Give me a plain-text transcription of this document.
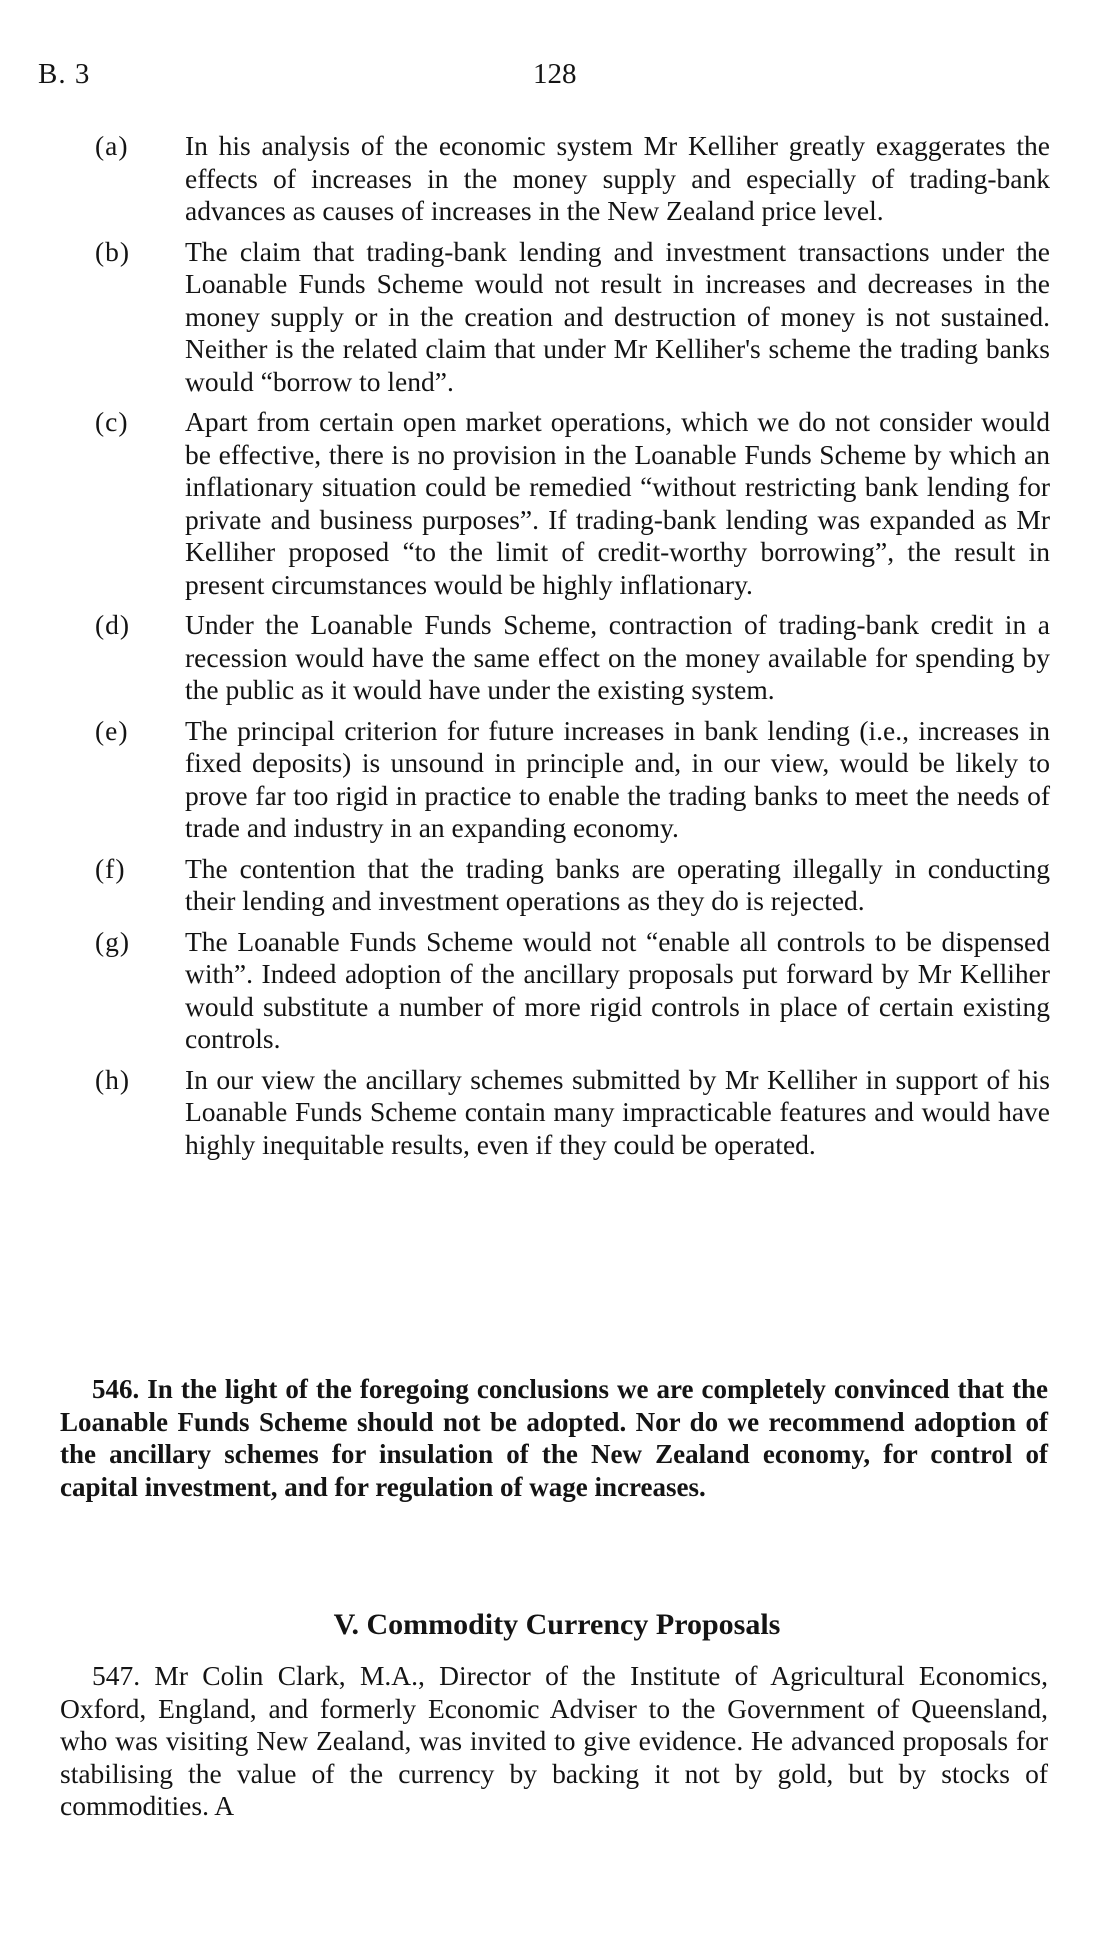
B. 3	128
(a)	In his analysis of the economic system Mr Kelliher greatly exaggerates the effects of increases in the money supply and especially of trading-bank advances as causes of increases in the New Zealand price level.
(b)	The claim that trading-bank lending and investment transactions under the Loanable Funds Scheme would not result in increases and decreases in the money supply or in the creation and destruction of money is not sustained. Neither is the related claim that under Mr Kelliher's scheme the trading banks would “borrow to lend”.
(c)	Apart from certain open market operations, which we do not consider would be effective, there is no provision in the Loanable Funds Scheme by which an inflationary situation could be remedied “without restricting bank lending for private and business purposes”. If trading-bank lending was expanded as Mr Kelliher proposed “to the limit of credit-worthy borrowing”, the result in present circumstances would be highly inflationary.
(d)	Under the Loanable Funds Scheme, contraction of trading-bank credit in a recession would have the same effect on the money available for spending by the public as it would have under the existing system.
(e)	The principal criterion for future increases in bank lending (i.e., increases in fixed deposits) is unsound in principle and, in our view, would be likely to prove far too rigid in practice to enable the trading banks to meet the needs of trade and industry in an expanding economy.
(f)	The contention that the trading banks are operating illegally in conducting their lending and investment operations as they do is rejected.
(g)	The Loanable Funds Scheme would not “enable all controls to be dispensed with”. Indeed adoption of the ancillary proposals put forward by Mr Kelliher would substitute a number of more rigid controls in place of certain existing controls.
(h)	In our view the ancillary schemes submitted by Mr Kelliher in support of his Loanable Funds Scheme contain many impracticable features and would have highly inequitable results, even if they could be operated.
546. In the light of the foregoing conclusions we are completely convinced that the Loanable Funds Scheme should not be adopted. Nor do we recommend adoption of the ancillary schemes for insulation of the New Zealand economy, for control of capital investment, and for regulation of wage increases.
V. Commodity Currency Proposals
547. Mr Colin Clark, M.A., Director of the Institute of Agricultural Economics, Oxford, England, and formerly Economic Adviser to the Government of Queensland, who was visiting New Zealand, was invited to give evidence. He advanced proposals for stabilising the value of the currency by backing it not by gold, but by stocks of commodities. A
